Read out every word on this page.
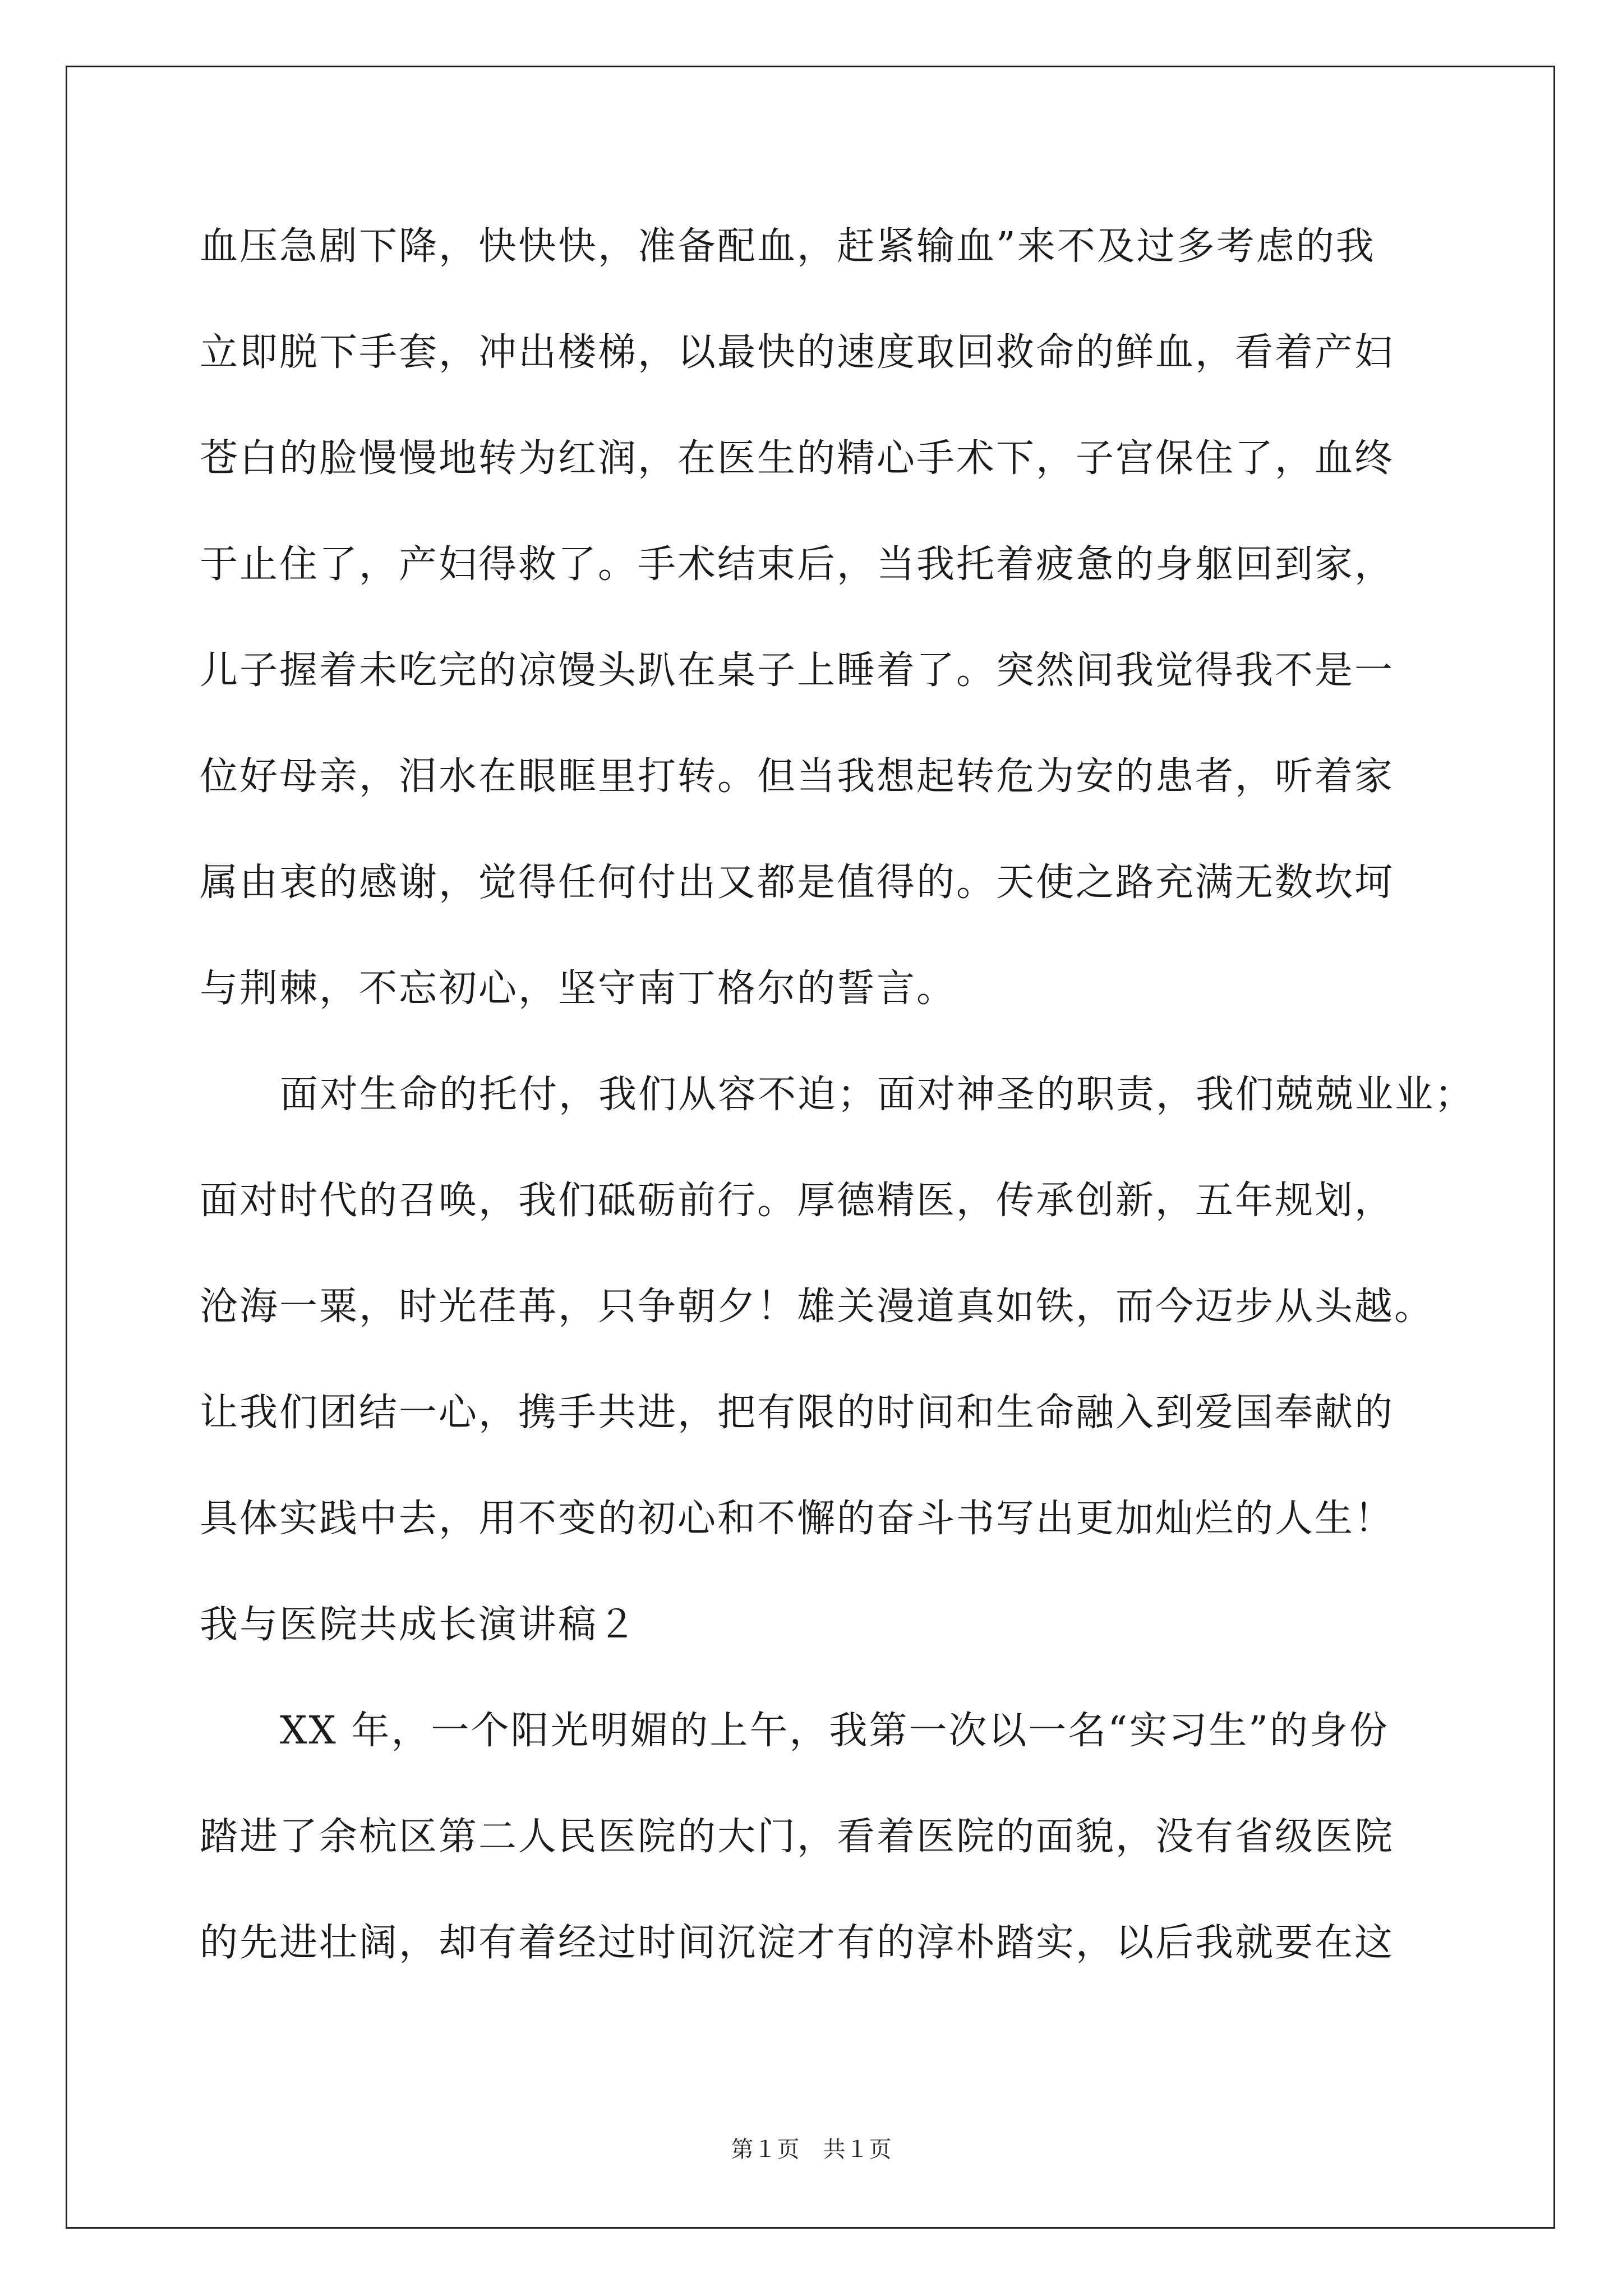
血压急剧下降，快快快，准备配血，赶紧输血”来不及过多考虑的我
立即脱下手套，冲出楼梯，以最快的速度取回救命的鲜血，看着产妇
苍白的脸慢慢地转为红润，在医生的精心手术下，子宫保住了，血终
于止住了，产妇得救了。手术结束后，当我托着疲惫的身躯回到家，
儿子握着未吃完的凉馒头趴在桌子上睡着了。突然间我觉得我不是一
位好母亲，泪水在眼眶里打转。但当我想起转危为安的患者，听着家
属由衷的感谢，觉得任何付出又都是值得的。天使之路充满无数坎坷
与荆棘，不忘初心，坚守南丁格尔的誓言。
面对生命的托付，我们从容不迫；面对神圣的职责，我们兢兢业业；
面对时代的召唤，我们砥砺前行。厚德精医，传承创新，五年规划，
沧海一粟，时光荏苒，只争朝夕！雄关漫道真如铁，而今迈步从头越。
让我们团结一心，携手共进，把有限的时间和生命融入到爱国奉献的
具体实践中去，用不变的初心和不懈的奋斗书写出更加灿烂的人生！
我与医院共成长演讲稿２
XX 年，一个阳光明媚的上午，我第一次以一名“实习生”的身份
踏进了余杭区第二人民医院的大门，看着医院的面貌，没有省级医院
的先进壮阔，却有着经过时间沉淀才有的淳朴踏实，以后我就要在这
第１页　共１页
